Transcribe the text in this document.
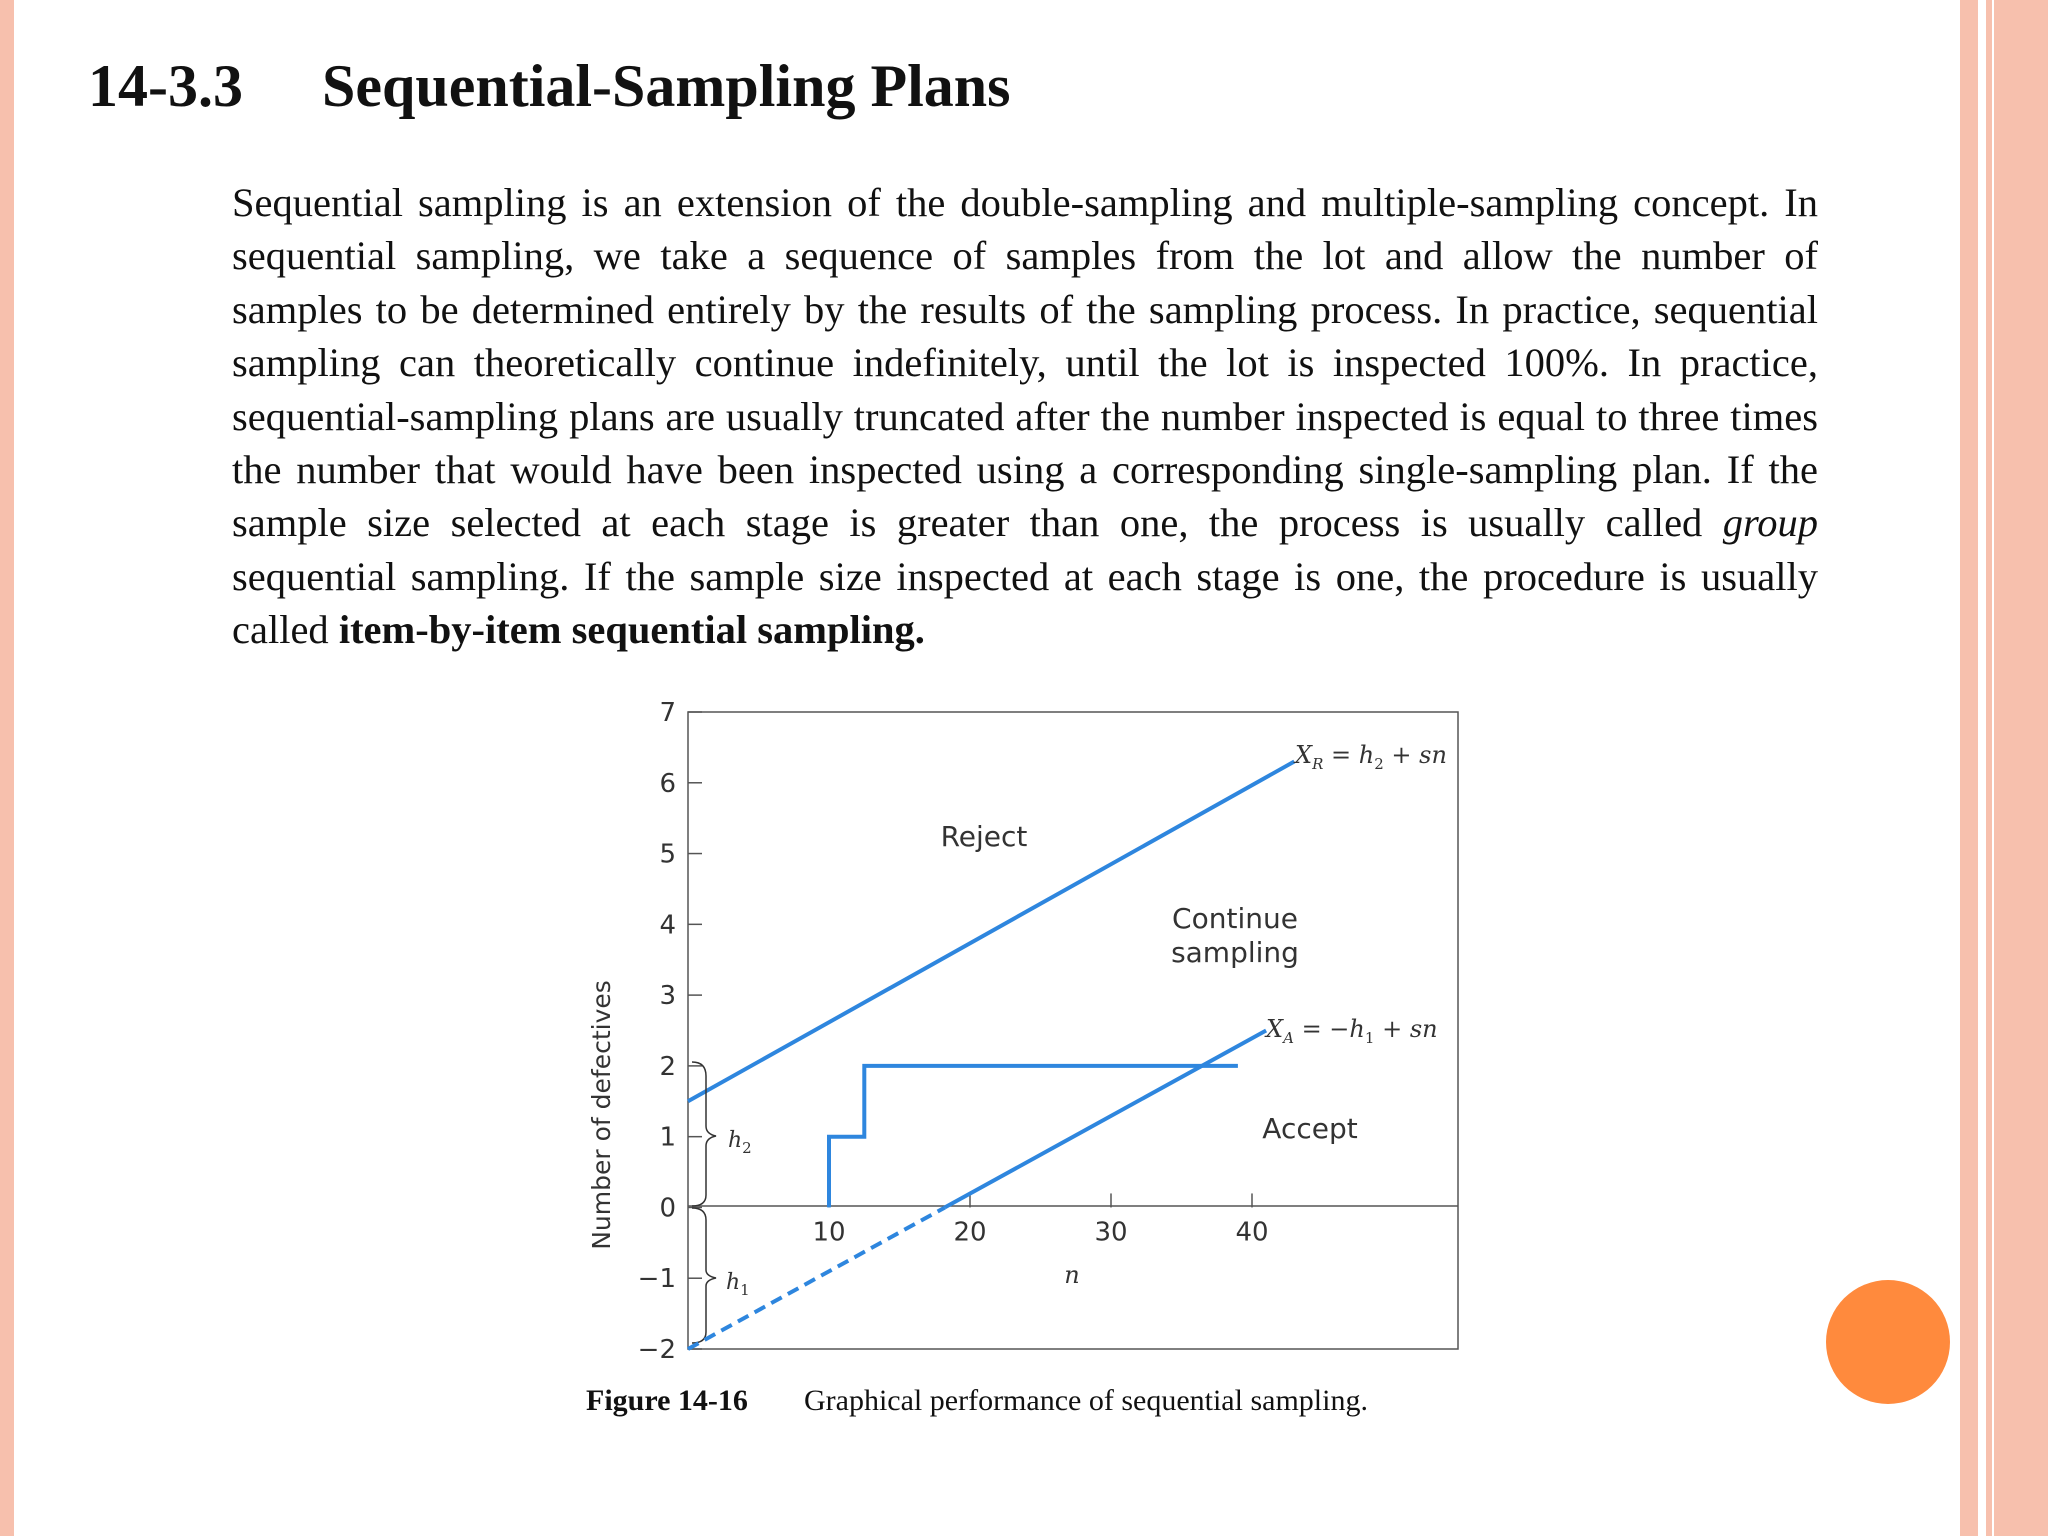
14-3.3 Sequential-Sampling Plans

Sequential sampling is an extension of the double-sampling and multiple-sampling concept. In sequential sampling, we take a sequence of samples from the lot and allow the number of samples to be determined entirely by the results of the sampling process. In practice, sequential sampling can theoretically continue indefinitely, until the lot is inspected 100%. In practice, sequential-sampling plans are usually truncated after the number inspected is equal to three times the number that would have been inspected using a corresponding single-sampling plan. If the sample size selected at each stage is greater than one, the process is usually called group sequential sampling. If the sample size inspected at each stage is one, the procedure is usually called item-by-item sequential sampling.

−2
−1
0
1
2
3
4
5
6
7
10	20	30	40
Number of defectives
n
Reject
Continue
sampling
Accept
$X_R = h_2$ + sn
$X_A = -h_1$ + sn
$h_2$
$h_1$
Figure 14-16 Graphical performance of sequential sampling.
